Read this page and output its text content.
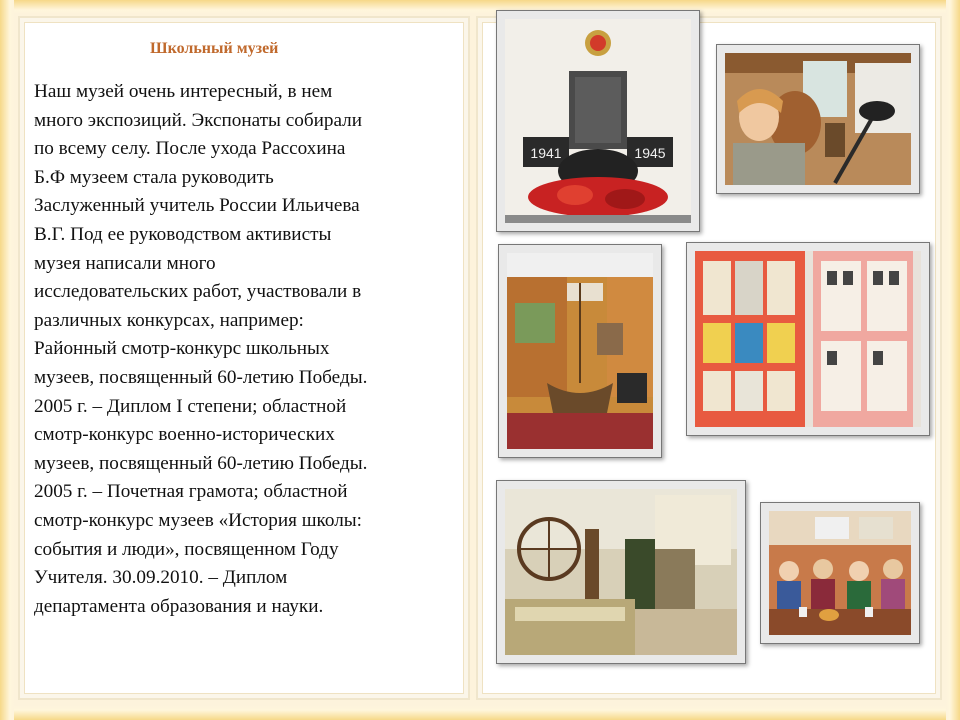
Школьный музей
Наш музей очень интересный, в нем
много экспозиций. Экспонаты собирали
по всему селу. После ухода Рассохина
Б.Ф музеем стала руководить
Заслуженный учитель России Ильичева
В.Г. Под ее руководством активисты
музея написали много
исследовательских работ, участвовали в
различных конкурсах, например:
Районный смотр-конкурс школьных
музеев, посвященный 60-летию Победы.
2005 г. – Диплом I степени; областной
смотр-конкурс военно-исторических
музеев, посвященный 60-летию Победы.
2005 г. – Почетная грамота; областной
смотр-конкурс музеев «История школы:
события и люди», посвященном Году
Учителя. 30.09.2010. – Диплом
департамента образования и науки.
1941	1945
